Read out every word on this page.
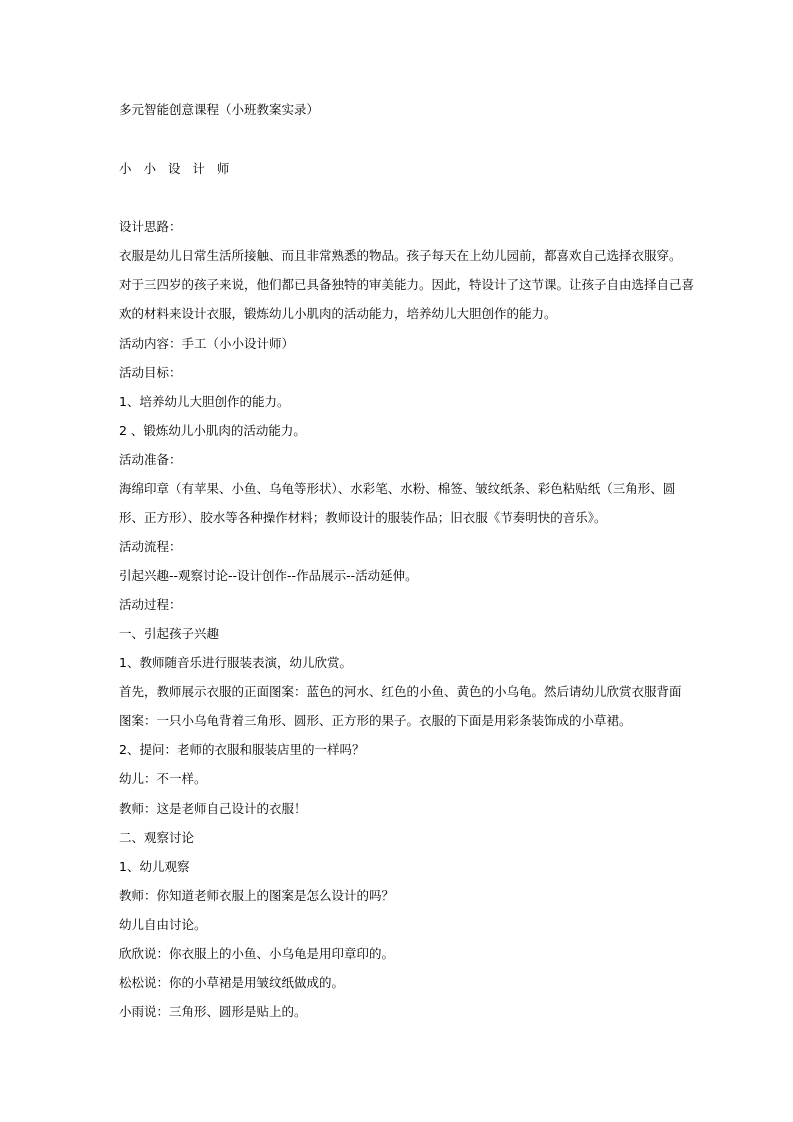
多元智能创意课程（小班教案实录）
小 小 设 计 师
设计思路：
衣服是幼儿日常生活所接触、而且非常熟悉的物品。孩子每天在上幼儿园前，都喜欢自己选择衣服穿。
对于三四岁的孩子来说，他们都已具备独特的审美能力。因此，特设计了这节课。让孩子自由选择自己喜
欢的材料来设计衣服，锻炼幼儿小肌肉的活动能力，培养幼儿大胆创作的能力。
活动内容：手工（小小设计师）
活动目标：
1、培养幼儿大胆创作的能力。
2 、锻炼幼儿小肌肉的活动能力。
活动准备：
海绵印章（有苹果、小鱼、乌龟等形状）、水彩笔、水粉、棉签、皱纹纸条、彩色粘贴纸（三角形、圆
形、正方形）、胶水等各种操作材料；教师设计的服装作品；旧衣服《节奏明快的音乐》。
活动流程：
引起兴趣--观察讨论--设计创作--作品展示--活动延伸。
活动过程：
一、引起孩子兴趣
1、教师随音乐进行服装表演，幼儿欣赏。
首先，教师展示衣服的正面图案：蓝色的河水、红色的小鱼、黄色的小乌龟。然后请幼儿欣赏衣服背面
图案：一只小乌龟背着三角形、圆形、正方形的果子。衣服的下面是用彩条装饰成的小草裙。
2、提问：老师的衣服和服装店里的一样吗？
幼儿：不一样。
教师：这是老师自己设计的衣服！
二、观察讨论
1、幼儿观察
教师：你知道老师衣服上的图案是怎么设计的吗？
幼儿自由讨论。
欣欣说：你衣服上的小鱼、小乌龟是用印章印的。
松松说：你的小草裙是用皱纹纸做成的。
小雨说：三角形、圆形是贴上的。
